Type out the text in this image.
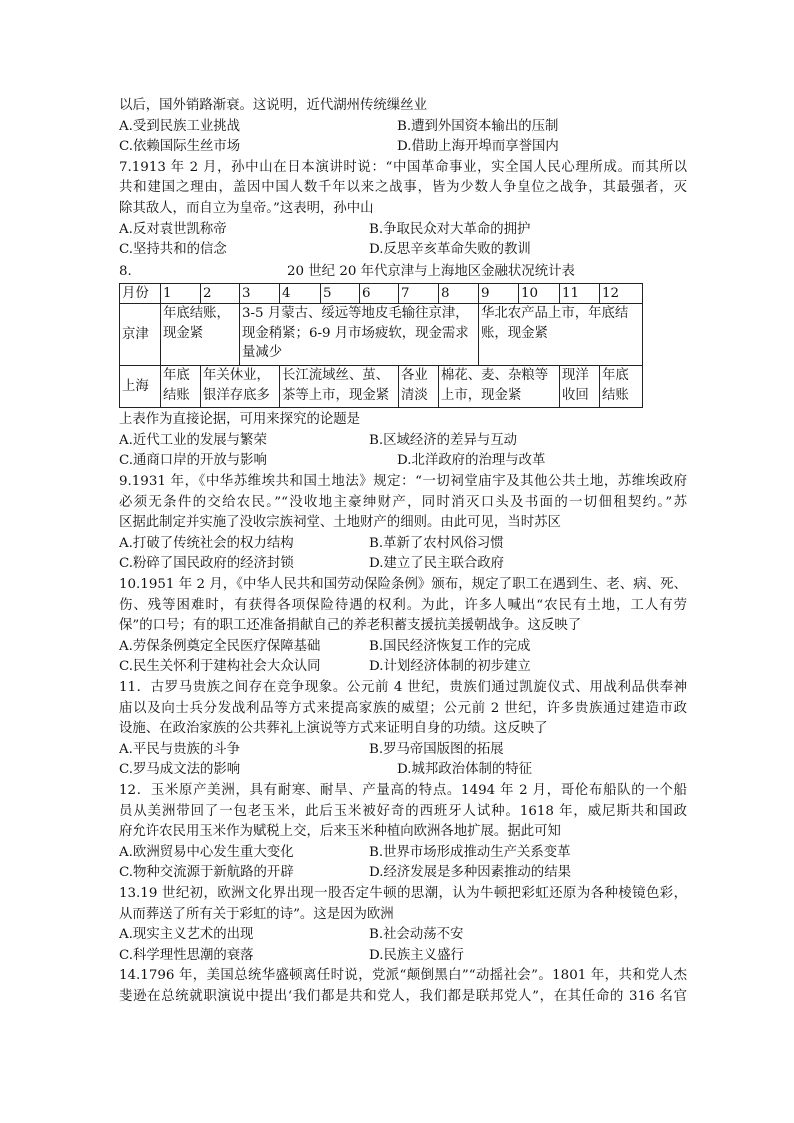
以后，国外销路渐衰。这说明，近代湖州传统缫丝业
A.受到民族工业挑战	B.遭到外国资本输出的压制
C.依赖国际生丝市场	D.借助上海开埠而享誉国内
7.1913 年 2 月，孙中山在日本演讲时说：“中国革命事业，实全国人民心理所成。而其所以
共和建国之理由，盖因中国人数千年以来之战事，皆为少数人争皇位之战争，其最强者，灭
除其敌人，而自立为皇帝。”这表明，孙中山
A.反对袁世凯称帝	B.争取民众对大革命的拥护
C.坚持共和的信念	D.反思辛亥革命失败的教训
8.	20 世纪 20 年代京津与上海地区金融状况统计表
月份	1	2	3	4	5	6	7	8	9	10	11	12
京津	年底结账，现金紧		3-5 月蒙古、绥远等地皮毛输往京津，现金稍紧；6-9 月市场疲软，现金需求量减少						华北农产品上市，年底结账，现金紧			
上海	年底结账	年关休业，银洋存底多		长江流域丝、茧、茶等上市，现金紧			各业清淡	棉花、麦、杂粮等上市，现金紧			现洋收回	年底结账
上表作为直接论据，可用来探究的论题是
A.近代工业的发展与繁荣	B.区域经济的差异与互动
C.通商口岸的开放与影响	D.北洋政府的治理与改革
9.1931 年，《中华苏维埃共和国土地法》规定：“一切祠堂庙宇及其他公共土地，苏维埃政府
必须无条件的交给农民。”“没收地主豪绅财产，同时消灭口头及书面的一切佃租契约。”苏
区据此制定并实施了没收宗族祠堂、土地财产的细则。由此可见，当时苏区
A.打破了传统社会的权力结构	B.革新了农村风俗习惯
C.粉碎了国民政府的经济封锁	D.建立了民主联合政府
10.1951 年 2 月，《中华人民共和国劳动保险条例》颁布，规定了职工在遇到生、老、病、死、
伤、残等困难时，有获得各项保险待遇的权利。为此，许多人喊出“农民有土地，工人有劳
保”的口号；有的职工还准备捐献自己的养老积蓄支援抗美援朝战争。这反映了
A.劳保条例奠定全民医疗保障基础	B.国民经济恢复工作的完成
C.民生关怀利于建构社会大众认同	D.计划经济体制的初步建立
11．古罗马贵族之间存在竞争现象。公元前 4 世纪，贵族们通过凯旋仪式、用战利品供奉神
庙以及向士兵分发战利品等方式来提高家族的威望；公元前 2 世纪，许多贵族通过建造市政
设施、在政治家族的公共葬礼上演说等方式来证明自身的功绩。这反映了
A.平民与贵族的斗争	B.罗马帝国版图的拓展
C.罗马成文法的影响	D.城邦政治体制的特征
12．玉米原产美洲，具有耐寒、耐旱、产量高的特点。1494 年 2 月，哥伦布船队的一个船
员从美洲带回了一包老玉米，此后玉米被好奇的西班牙人试种。1618 年，威尼斯共和国政
府允许农民用玉米作为赋税上交，后来玉米种植向欧洲各地扩展。据此可知
A.欧洲贸易中心发生重大变化	B.世界市场形成推动生产关系变革
C.物种交流源于新航路的开辟	D.经济发展是多种因素推动的结果
13.19 世纪初，欧洲文化界出现一股否定牛顿的思潮，认为牛顿把彩虹还原为各种棱镜色彩，
从而葬送了所有关于彩虹的诗”。这是因为欧洲
A.现实主义艺术的出现	B.社会动荡不安
C.科学理性思潮的衰落	D.民族主义盛行
14.1796 年，美国总统华盛顿离任时说，党派“颠倒黑白”“动摇社会”。1801 年，共和党人杰
斐逊在总统就职演说中提出‘我们都是共和党人，我们都是联邦党人”，在其任命的 316 名官
